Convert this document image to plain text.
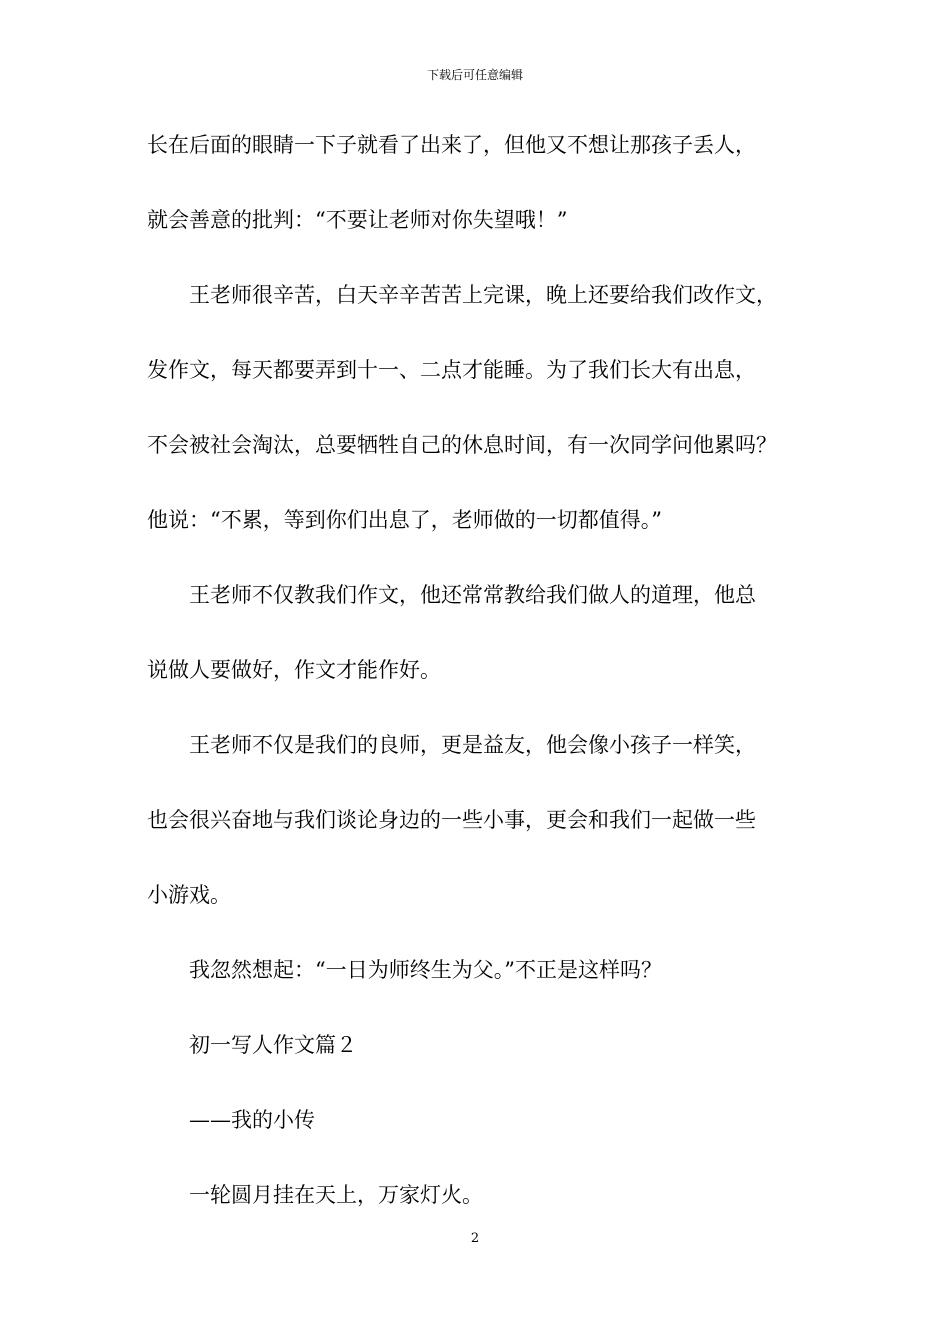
下载后可任意编辑
长在后面的眼睛一下子就看了出来了，但他又不想让那孩子丢人，
就会善意的批判：“不要让老师对你失望哦！”
王老师很辛苦，白天辛辛苦苦上完课，晚上还要给我们改作文，
发作文，每天都要弄到十一、二点才能睡。为了我们长大有出息，
不会被社会淘汰，总要牺牲自己的休息时间，有一次同学问他累吗？
他说：“不累，等到你们出息了，老师做的一切都值得。”
王老师不仅教我们作文，他还常常教给我们做人的道理，他总
说做人要做好，作文才能作好。
王老师不仅是我们的良师，更是益友，他会像小孩子一样笑，
也会很兴奋地与我们谈论身边的一些小事，更会和我们一起做一些
小游戏。
我忽然想起：“一日为师终生为父。”不正是这样吗？
初一写人作文篇２
——我的小传
一轮圆月挂在天上，万家灯火。
2
